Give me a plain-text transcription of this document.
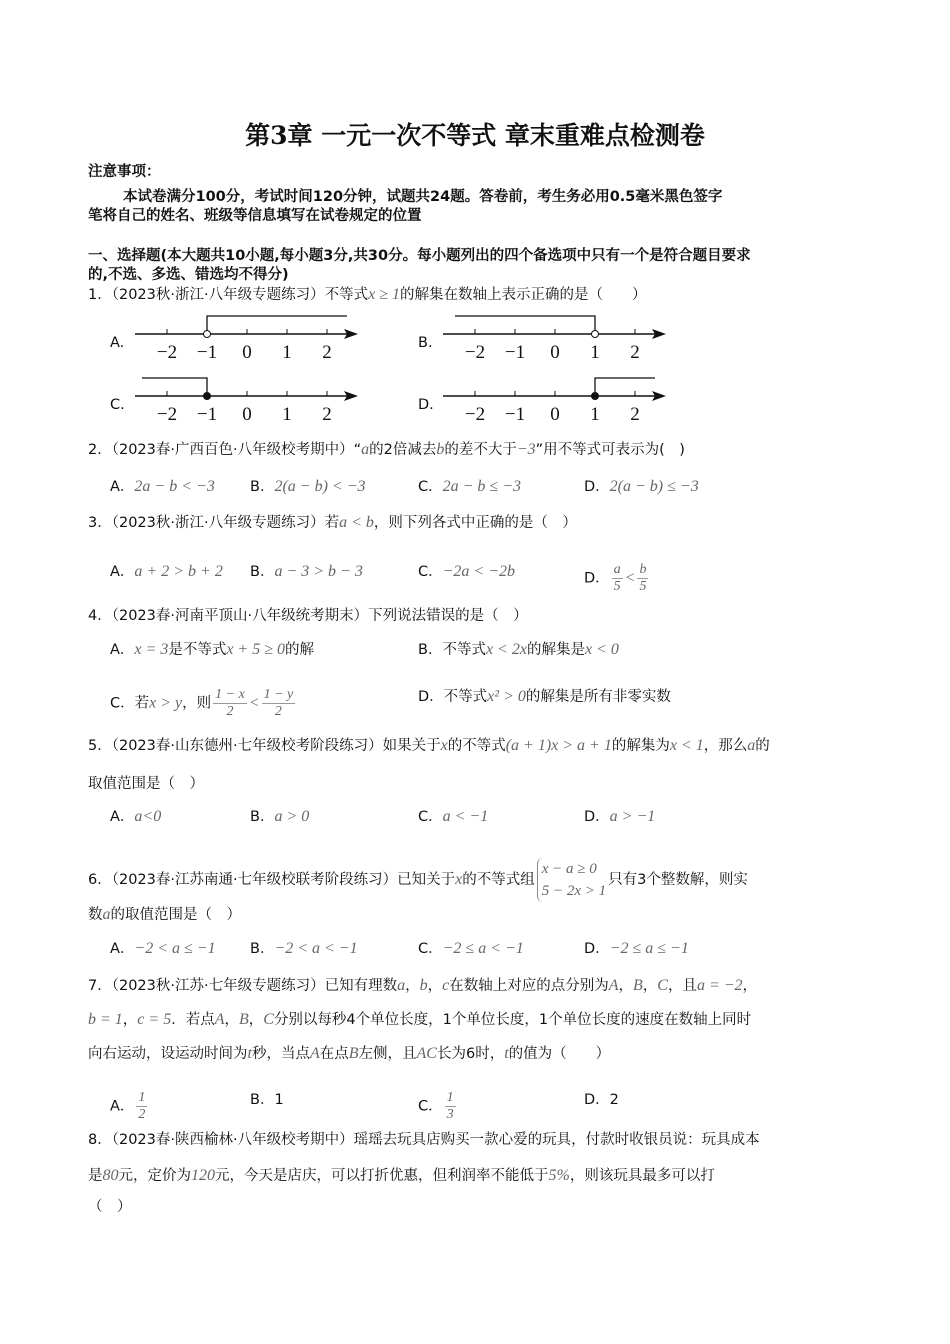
第3章 一元一次不等式 章末重难点检测卷
注意事项：
本试卷满分100分，考试时间120分钟，试题共24题。答卷前，考生务必用0.5毫米黑色签字
笔将自己的姓名、班级等信息填写在试卷规定的位置
一、选择题(本大题共10小题,每小题3分,共30分。每小题列出的四个备选项中只有一个是符合题目要求
的,不选、多选、错选均不得分)
1．（2023秋·浙江·八年级专题练习）不等式x ≥ 1的解集在数轴上表示正确的是（　　）
A. −2 −1 0 1 2	B. −2 −1 0 1 2
C. −2 −1 0 1 2	D. −2 −1 0 1 2
2．（2023春·广西百色·八年级校考期中）“a的2倍减去b的差不大于−3”用不等式可表示为(　)
A．2a − b < −3 B．2(a − b) < −3	C．2a − b ≤ −3	D．2(a − b) ≤ −3
3．（2023秋·浙江·八年级专题练习）若a < b，则下列各式中正确的是（　）
A．a + 2 > b + 2 B．a − 3 > b − 3	C．−2a < −2b	D． $\frac{a}{5} < \frac{b}{5}$
4．（2023春·河南平顶山·八年级统考期末）下列说法错误的是（　）
A．x = 3是不等式x + 5 ≥ 0的解	B．不等式x < 2x的解集是x < 0
C．若x > y，则 $\frac{1 - x}{2} < \frac{1 - y}{2}$	D．不等式x² > 0的解集是所有非零实数
5．（2023春·山东德州·七年级校考阶段练习）如果关于x的不等式(a + 1)x > a + 1的解集为x < 1，那么a的
取值范围是（　）
A．a<0	B．a > 0	C．a < −1	D．a > −1
6．（2023春·江苏南通·七年级校联考阶段练习）已知关于x的不等式组
x − a ≥ 0
5 − 2x > 1
只有3个整数解，则实
数a的取值范围是（　）
A．−2 < a ≤ −1 B．−2 < a < −1	C．−2 ≤ a < −1	D．−2 ≤ a ≤ −1
7．（2023秋·江苏·七年级专题练习）已知有理数a，b，c在数轴上对应的点分别为A，B，C，且a = −2，
b = 1，c = 5．若点A，B，C分别以每秒4个单位长度，1个单位长度，1个单位长度的速度在数轴上同时
向右运动，设运动时间为t秒，当点A在点B左侧，且AC长为6时，t的值为（　　）
A． $\frac{1}{2}$	B．1	C． $\frac{1}{3}$	D．2
8．（2023春·陕西榆林·八年级校考期中）瑶瑶去玩具店购买一款心爱的玩具，付款时收银员说：玩具成本
是80元，定价为120元，今天是店庆，可以打折优惠，但利润率不能低于5%，则该玩具最多可以打
（　）
